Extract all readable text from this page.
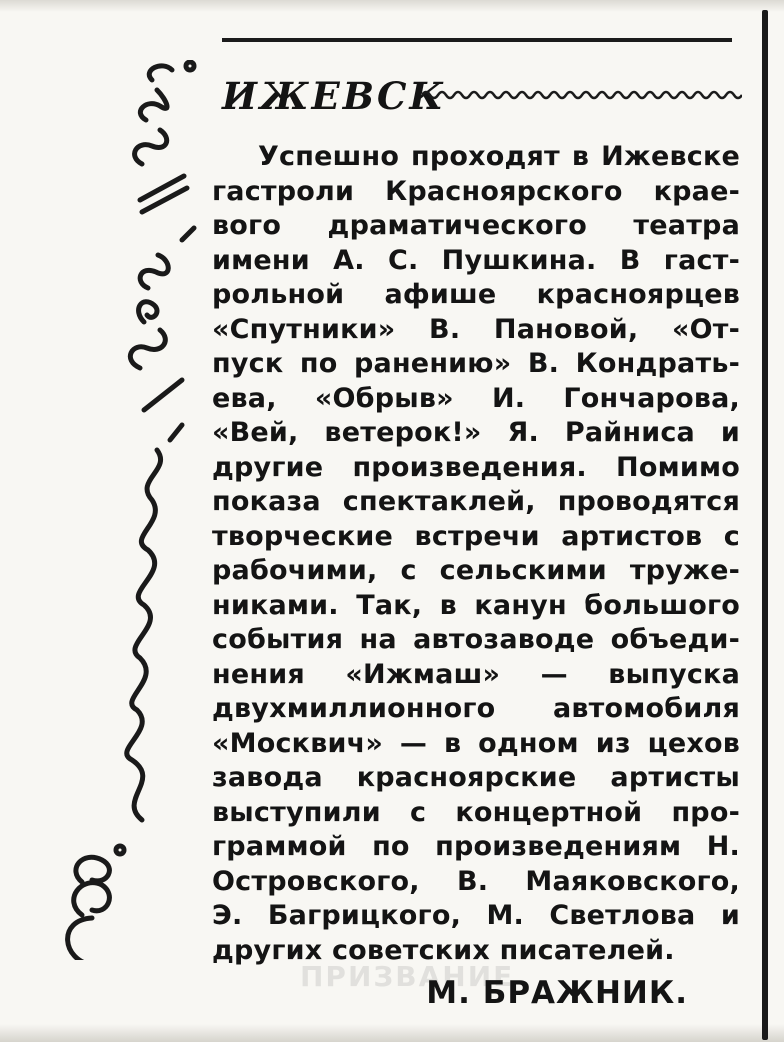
ПРИЗВАНИЕ
ИЖЕВСК
Успешно проходят в Ижевске
гастроли Красноярского крае-
вого драматического театра
имени А. С. Пушкина. В гаст-
рольной афише красноярцев
«Спутники» В. Пановой, «От-
пуск по ранению» В. Кондрать-
ева, «Обрыв» И. Гончарова,
«Вей, ветерок!» Я. Райниса и
другие произведения. Помимо
показа спектаклей, проводятся
творческие встречи артистов с
рабочими, с сельскими труже-
никами. Так, в канун большого
события на автозаводе объеди-
нения «Ижмаш» — выпуска
двухмиллионного автомобиля
«Москвич» — в одном из цехов
завода красноярские артисты
выступили с концертной про-
граммой по произведениям Н.
Островского, В. Маяковского,
Э. Багрицкого, М. Светлова и
других советских писателей.
М. БРАЖНИК.
